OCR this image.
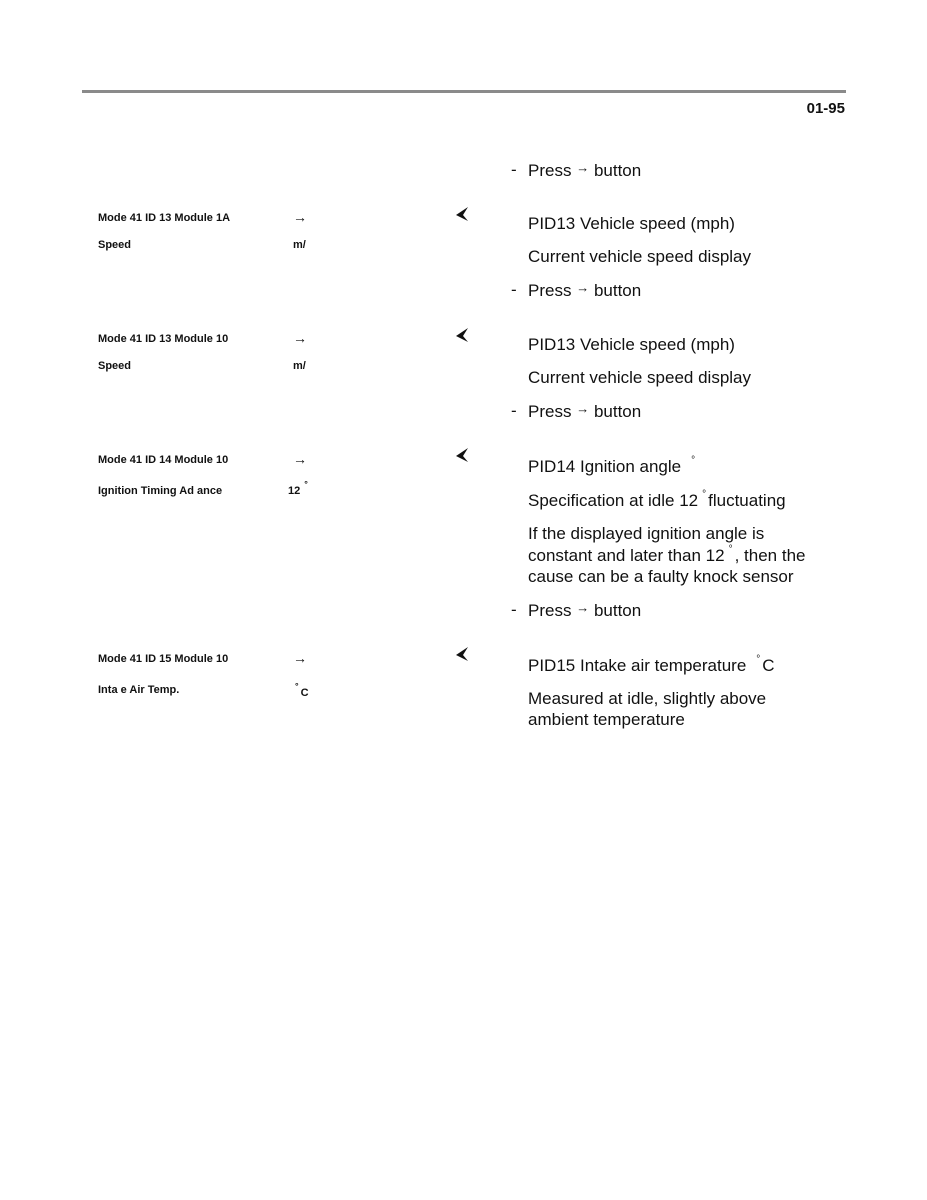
01-95
- Press → button
Mode 41 ID 13 Module 1A	→
Speed	m/
PID13 Vehicle speed (mph)
Current vehicle speed display
- Press → button
Mode 41 ID 13 Module 10	→
Speed	m/
PID13 Vehicle speed (mph)
Current vehicle speed display
- Press → button
Mode 41 ID 14 Module 10	→
Ignition Timing Ad ance	12°
PID14 Ignition angle °
Specification at idle 12 ° fluctuating
If the displayed ignition angle is
constant and later than 12 ° , then the
cause can be a faulty knock sensor
- Press → button
Mode 41 ID 15 Module 10	→
Inta e Air Temp.	°C
PID15 Intake air temperature ° C
Measured at idle, slightly above
ambient temperature
